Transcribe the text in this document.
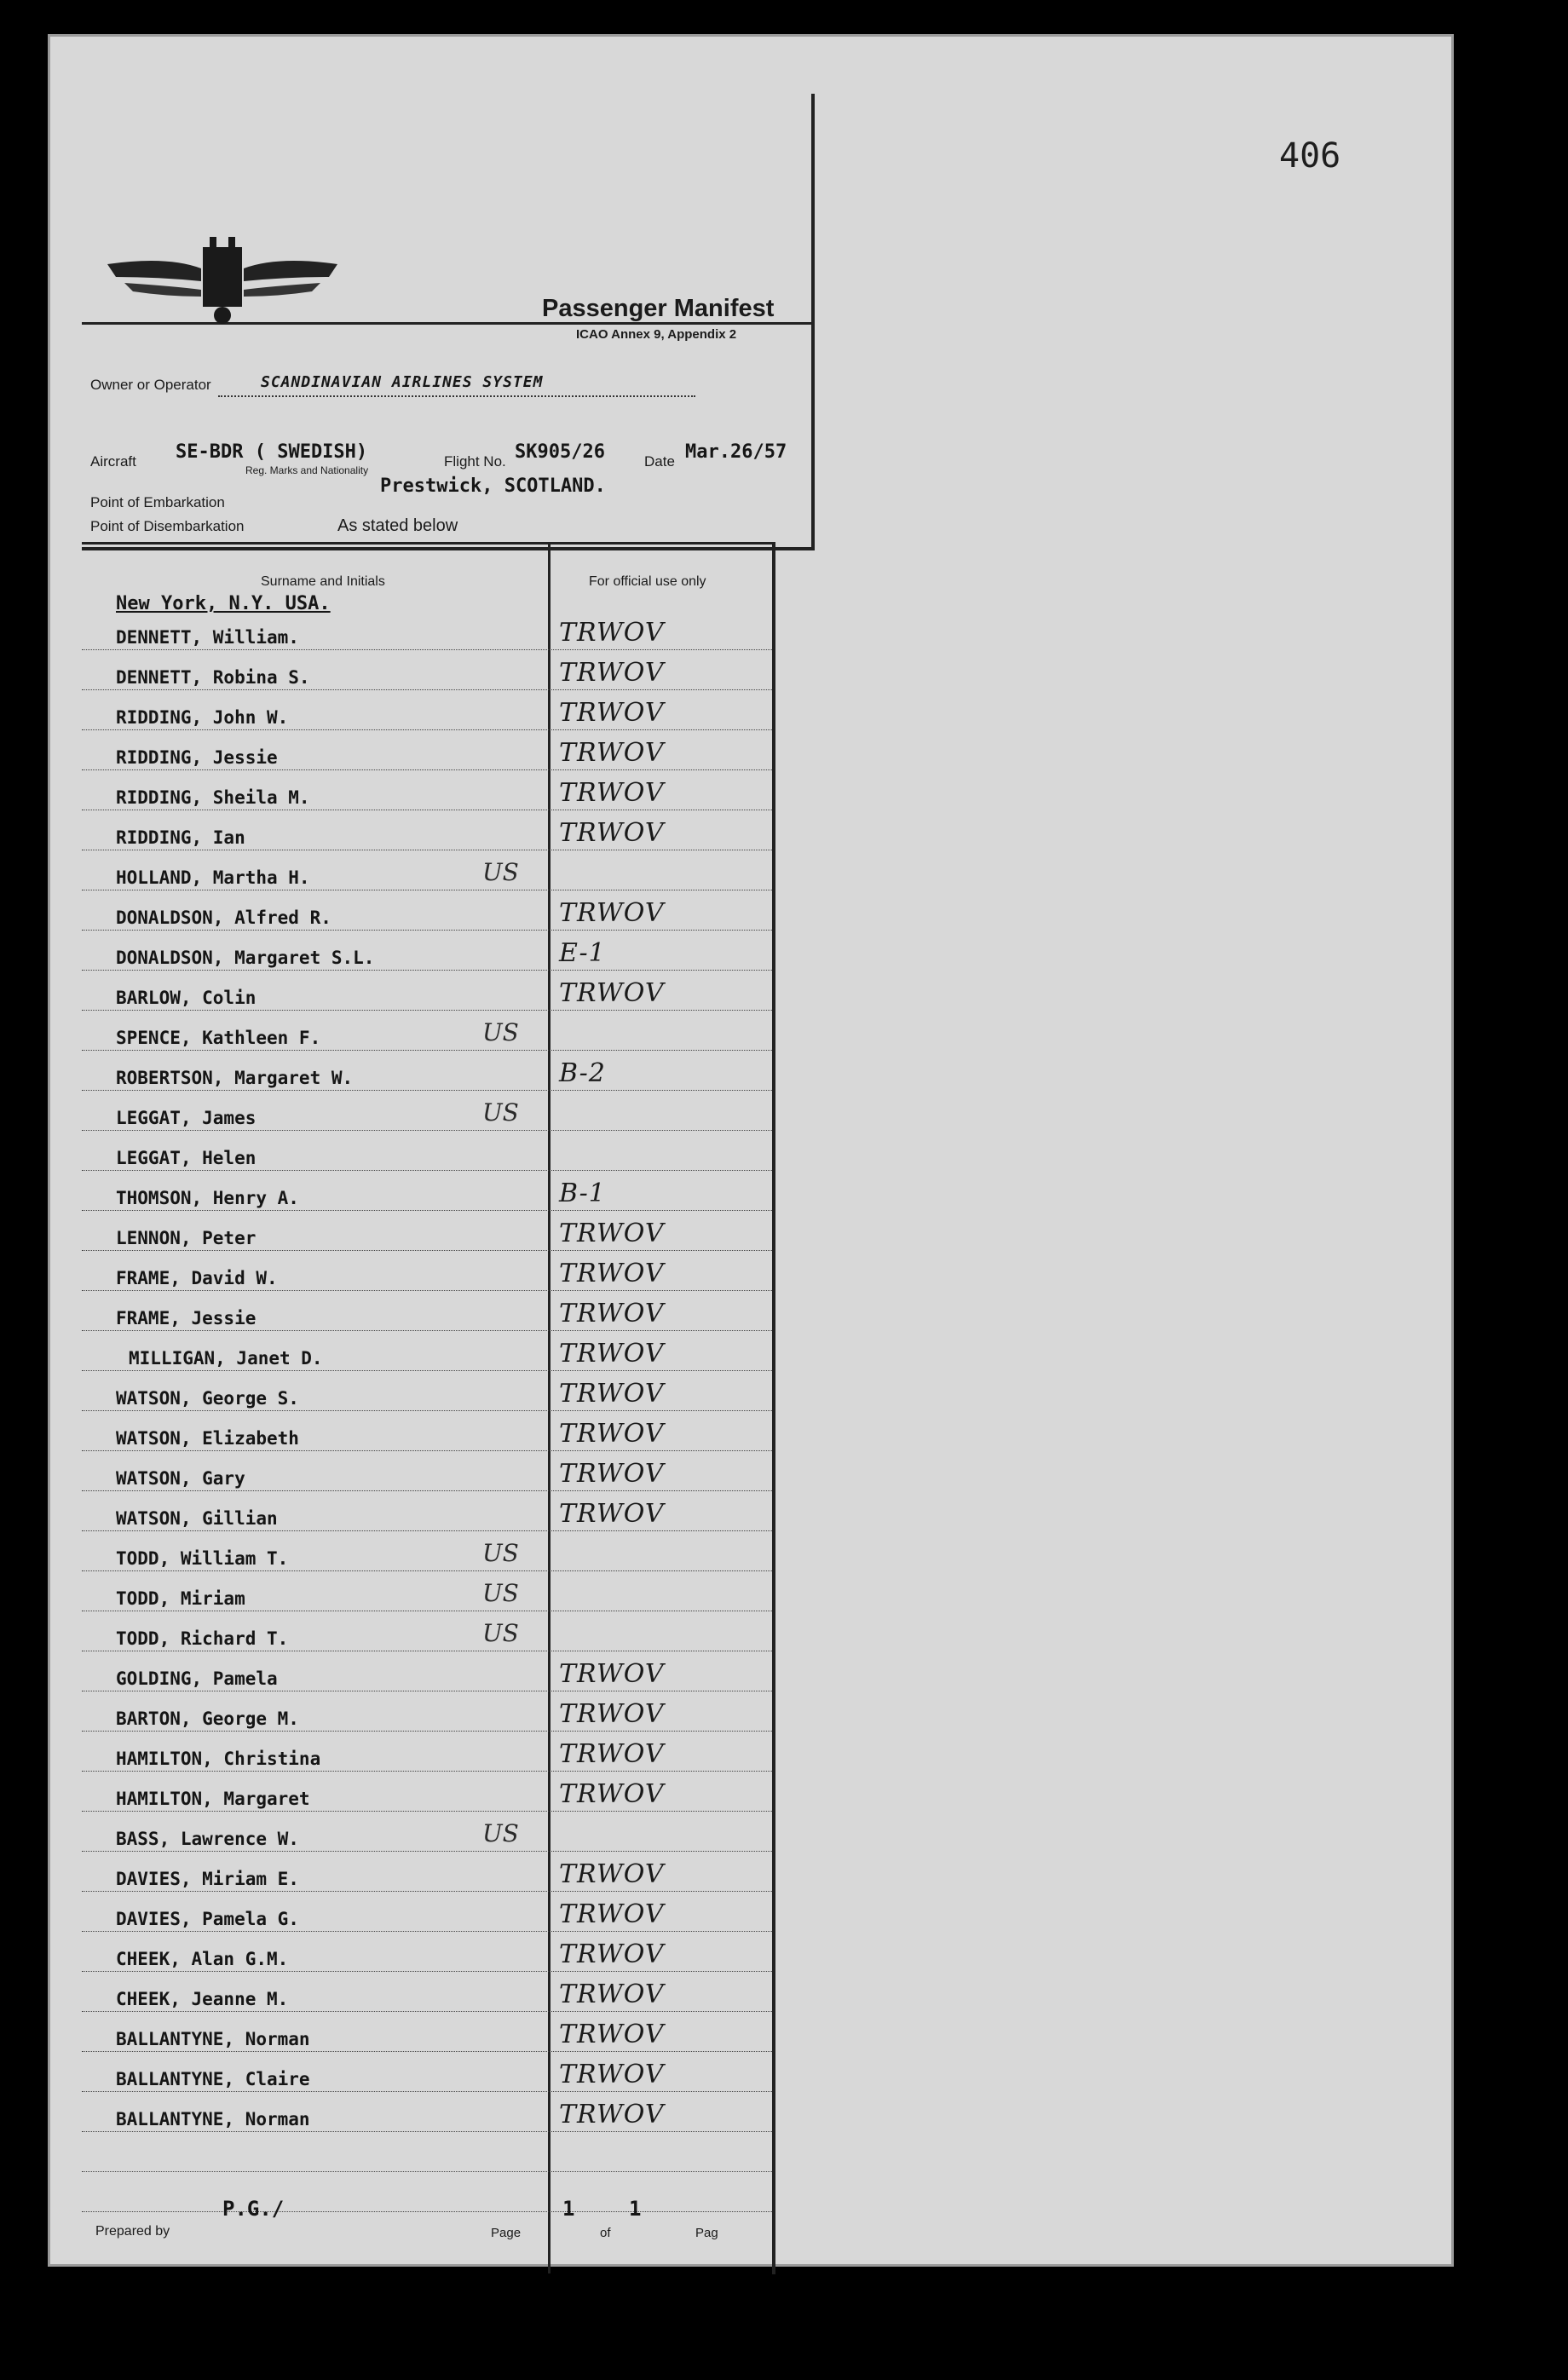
406
Passenger Manifest
ICAO Annex 9, Appendix 2
Owner or Operator	SCANDINAVIAN AIRLINES SYSTEM
Aircraft SE-BDR ( SWEDISH)
Reg. Marks and Nationality
Flight No. SK905/26	Date Mar.26/57
Point of Embarkation
Prestwick, SCOTLAND.
Point of Disembarkation	As stated below
Surname and Initials	For official use only
New York, N.Y. USA.
DENNETT, William.	TRWOV
DENNETT, Robina S.	TRWOV
RIDDING, John W.	TRWOV
RIDDING, Jessie	TRWOV
RIDDING, Sheila M.	TRWOV
RIDDING, Ian	TRWOV
HOLLAND, Martha H.	US
DONALDSON, Alfred R.	TRWOV
DONALDSON, Margaret S.L.	E-1
BARLOW, Colin	TRWOV
SPENCE, Kathleen F.	US
ROBERTSON, Margaret W.	B-2
LEGGAT, James	US
LEGGAT, Helen
THOMSON, Henry A.	B-1
LENNON, Peter	TRWOV
FRAME, David W.	TRWOV
FRAME, Jessie	TRWOV
MILLIGAN, Janet D.	TRWOV
WATSON, George S.	TRWOV
WATSON, Elizabeth	TRWOV
WATSON, Gary	TRWOV
WATSON, Gillian	TRWOV
TODD, William T.	US
TODD, Miriam	US
TODD, Richard T.	US
GOLDING, Pamela	TRWOV
BARTON, George M.	TRWOV
HAMILTON, Christina	TRWOV
HAMILTON, Margaret	TRWOV
BASS, Lawrence W.	US
DAVIES, Miriam E.	TRWOV
DAVIES, Pamela G.	TRWOV
CHEEK, Alan G.M.	TRWOV
CHEEK, Jeanne M.	TRWOV
BALLANTYNE, Norman	TRWOV
BALLANTYNE, Claire	TRWOV
BALLANTYNE, Norman	TRWOV
Prepared by
P.G./
Page
1
of
1
Pag
